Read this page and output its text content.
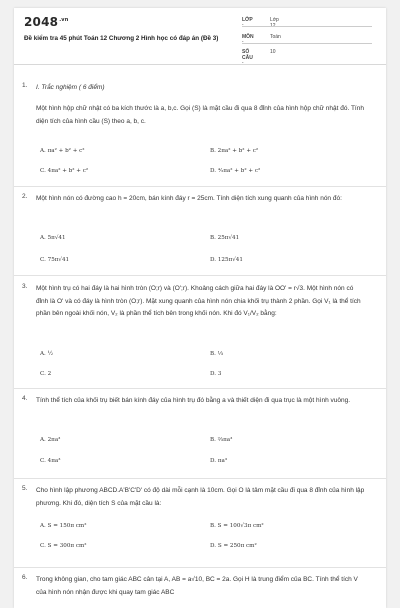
$2048^{.vn}$
Đề kiểm tra 45 phút Toán 12 Chương 2 Hình học có đáp án (Đề 3)
LỚP :
Lớp 12
MÔN :
Toán
SỐ CÂU :
10
1. I. Trắc nghiệm ( 6 điểm)
Một hình hộp chữ nhật có ba kích thước là a, b,c. Gọi (S) là mặt cầu đi qua 8 đỉnh của hình hộp chữ nhật đó. Tính diện tích của hình cầu (S) theo a, b, c.
A. πa² + b² + c²	B. 2πa² + b² + c²
C. 4πa² + b² + c²	D. ⁴⁄₃πa² + b² + c²
2. Một hình nón có đường cao h = 20cm, bán kính đáy r = 25cm. Tính diện tích xung quanh của hình nón đó:
A. 5π√41	B. 25π√41
C. 75π√41	D. 125π√41
3. Một hình trụ có hai đáy là hai hình tròn (O;r) và (O';r). Khoảng cách giữa hai đáy là OO' = r√3. Một hình nón có đỉnh là O' và có đáy là hình tròn (O;r). Mặt xung quanh của hình nón chia khối trụ thành 2 phần. Gọi V₁ là thể tích phần bên ngoài khối nón, V₂ là phần thể tích bên trong khối nón. Khi đó V₁/V₂ bằng:
A. ½	B. ⅓
C. 2	D. 3
4. Tính thể tích của khối trụ biết bán kính đáy của hình trụ đó bằng a và thiết diện đi qua trục là một hình vuông.
A. 2πa³	B. ⅔πa³
C. 4πa³	D. πa³
5. Cho hình lập phương ABCD.A'B'C'D' có độ dài mỗi cạnh là 10cm. Gọi O là tâm mặt cầu đi qua 8 đỉnh của hình lập phương. Khi đó, diện tích S của mặt cầu là:
A. S = 150π cm²	B. S = 100√3π cm²
C. S = 300π cm²	D. S = 250π cm²
6. Trong không gian, cho tam giác ABC cân tại A, AB = a√10, BC = 2a. Gọi H là trung điểm của BC. Tính thể tích V của hình nón nhận được khi quay tam giác ABC
